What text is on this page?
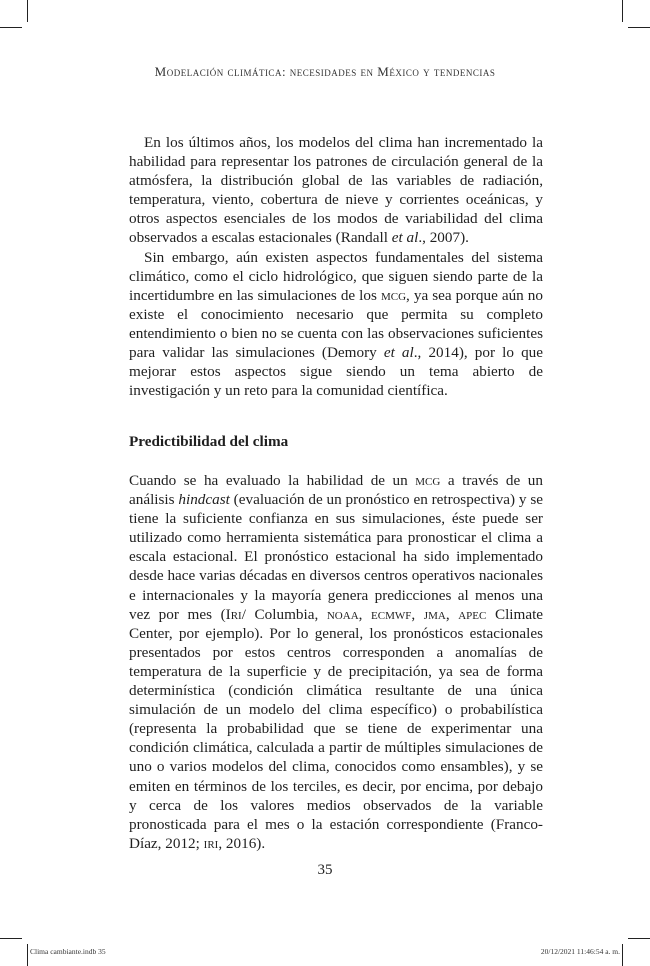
Modelación climática: necesidades en México y tendencias

En los últimos años, los modelos del clima han incrementado la habilidad para representar los patrones de circulación general de la atmósfera, la distribución global de las variables de radiación, temperatura, viento, cobertura de nieve y corrientes oceánicas, y otros aspectos esenciales de los modos de variabilidad del clima observados a escalas estacionales (Randall et al., 2007).

Sin embargo, aún existen aspectos fundamentales del sistema climático, como el ciclo hidrológico, que siguen siendo parte de la incertidumbre en las simulaciones de los mcg, ya sea porque aún no existe el conocimiento necesario que permita su completo entendimiento o bien no se cuenta con las observaciones suficientes para validar las simulaciones (Demory et al., 2014), por lo que mejorar estos aspectos sigue siendo un tema abierto de investigación y un reto para la comunidad científica.

Predictibilidad del clima

Cuando se ha evaluado la habilidad de un mcg a través de un análisis hindcast (evaluación de un pronóstico en retrospectiva) y se tiene la suficiente confianza en sus simulaciones, éste puede ser utilizado como herramienta sistemática para pronosticar el clima a escala estacional. El pronóstico estacional ha sido implementado desde hace varias décadas en diversos centros operativos nacionales e internacionales y la mayoría genera predicciones al menos una vez por mes (Iri/ Columbia, noaa, ecmwf, jma, apec Climate Center, por ejemplo). Por lo general, los pronósticos estacionales presentados por estos centros corresponden a anomalías de temperatura de la superficie y de precipitación, ya sea de forma determinística (condición climática resultante de una única simulación de un modelo del clima específico) o probabilística (representa la probabilidad que se tiene de experimentar una condición climática, calculada a partir de múltiples simulaciones de uno o varios modelos del clima, conocidos como ensambles), y se emiten en términos de los terciles, es decir, por encima, por debajo y cerca de los valores medios observados de la variable pronosticada para el mes o la estación correspondiente (Franco-Díaz, 2012; iri, 2016).

35
Clima cambiante.indb 35	20/12/2021 11:46:54 a. m.
